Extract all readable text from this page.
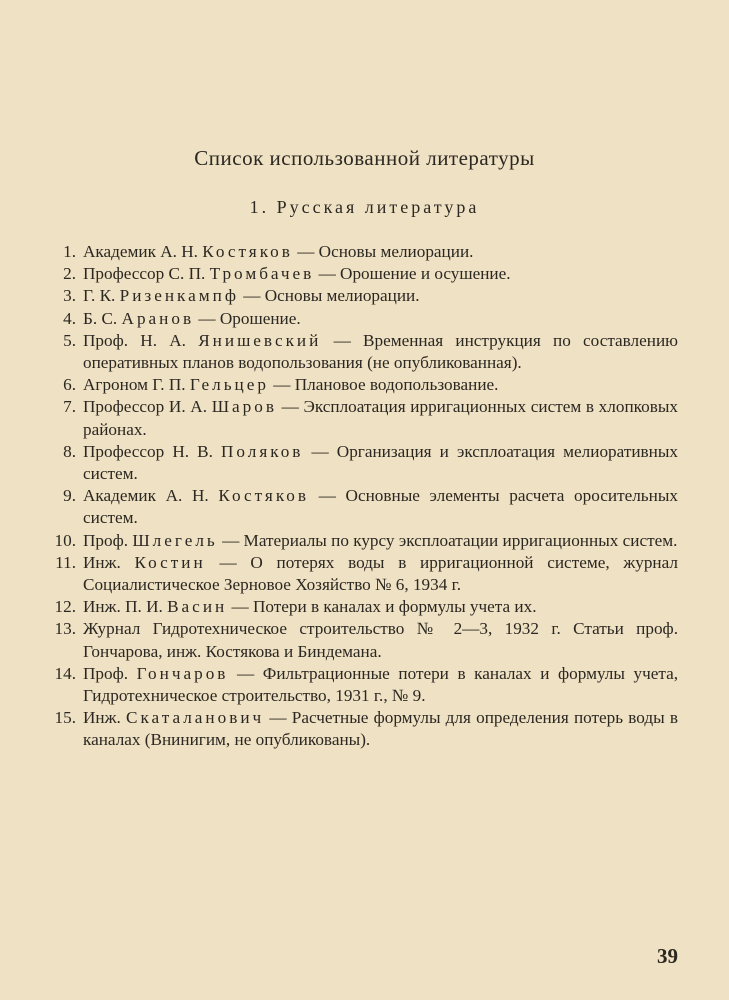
Список использованной литературы
1. Русская литература
1. Академик А. Н. Костяков — Основы мелиорации.
2. Профессор С. П. Тромбачев — Орошение и осушение.
3. Г. К. Ризенкампф — Основы мелиорации.
4. Б. С. Аранов — Орошение.
5. Проф. Н. А. Янишевский — Временная инструкция по составлению оперативных планов водопользования (не опубликованная).
6. Агроном Г. П. Гельцер — Плановое водопользование.
7. Профессор И. А. Шаров — Эксплоатация ирригационных систем в хлопковых районах.
8. Профессор Н. В. Поляков — Организация и эксплоатация мелиоративных систем.
9. Академик А. Н. Костяков — Основные элементы расчета оросительных систем.
10. Проф. Шлегель — Материалы по курсу эксплоатации ирригационных систем.
11. Инж. Костин — О потерях воды в ирригационной системе, журнал Социалистическое Зерновое Хозяйство № 6, 1934 г.
12. Инж. П. И. Васин — Потери в каналах и формулы учета их.
13. Журнал Гидротехническое строительство № 2—3, 1932 г. Статьи проф. Гончарова, инж. Костякова и Биндемана.
14. Проф. Гончаров — Фильтрационные потери в каналах и формулы учета, Гидротехническое строительство, 1931 г., № 9.
15. Инж. Скаталанович — Расчетные формулы для определения потерь воды в каналах (Внинигим, не опубликованы).
39
